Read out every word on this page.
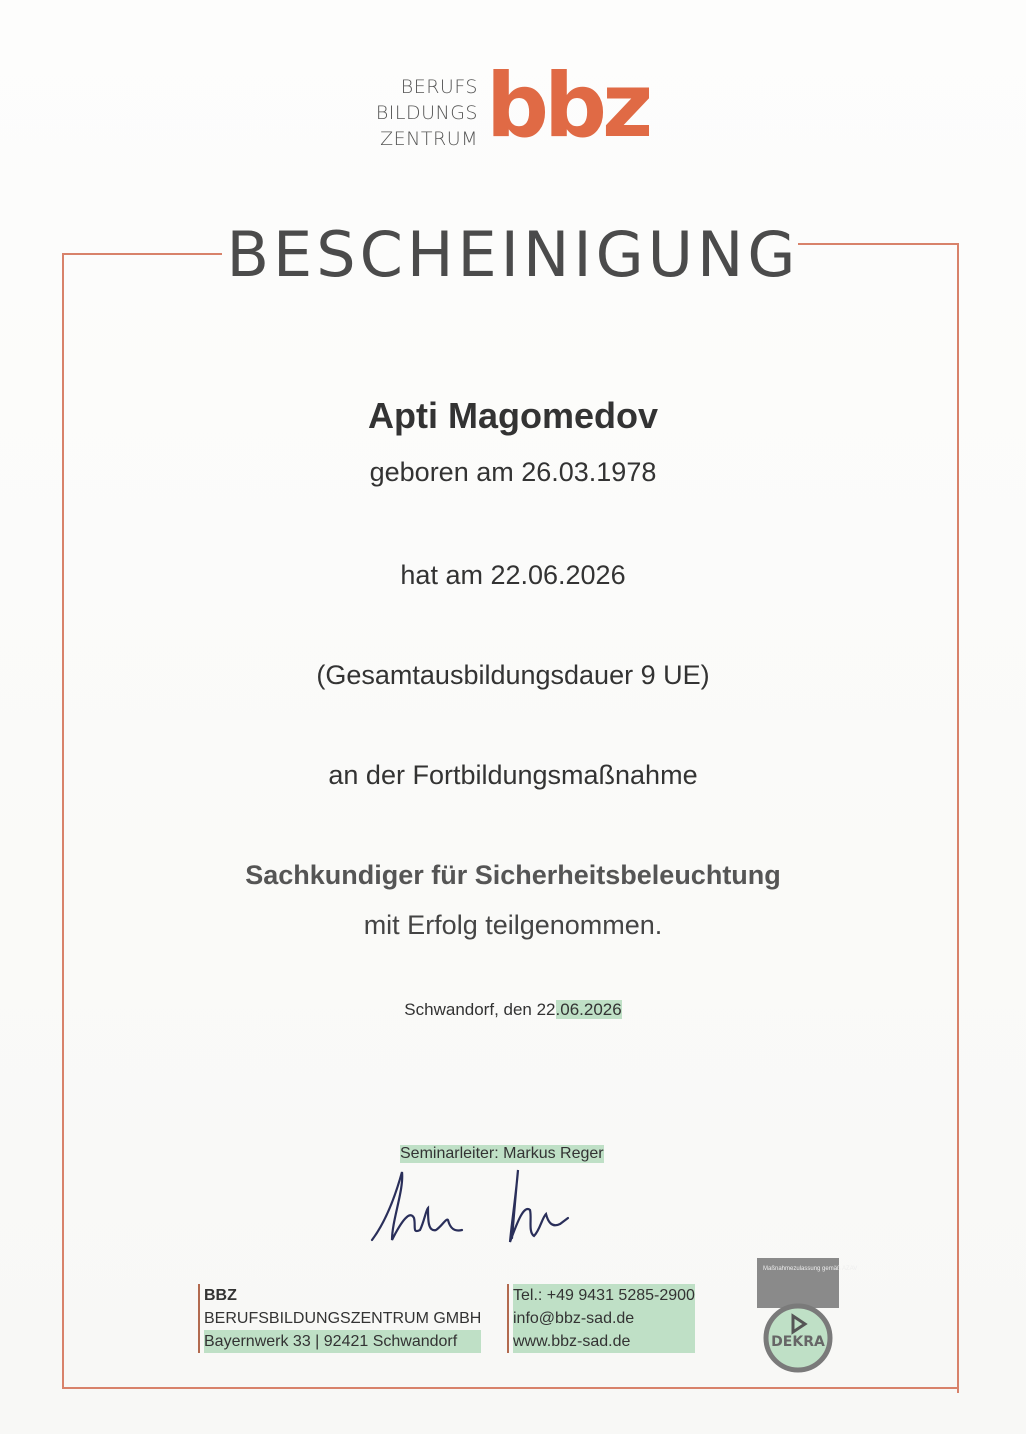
BERUFS
BILDUNGS
ZENTRUM bbz
BESCHEINIGUNG
Apti Magomedov
geboren am 26.03.1978
hat am 22.06.2026
(Gesamtausbildungsdauer 9 UE)
an der Fortbildungsmaßnahme
Sachkundiger für Sicherheitsbeleuchtung
mit Erfolg teilgenommen.
Schwandorf, den 22.06.2026
Seminarleiter: Markus Reger
BBZ
BERUFSBILDUNGSZENTRUM GMBH
Bayernwerk 33 | 92421 Schwandorf
Tel.: +49 9431 5285-2900
info@bbz-sad.de
www.bbz-sad.de
Maßnahmezulassung gemäß AZAV
DEKRA
